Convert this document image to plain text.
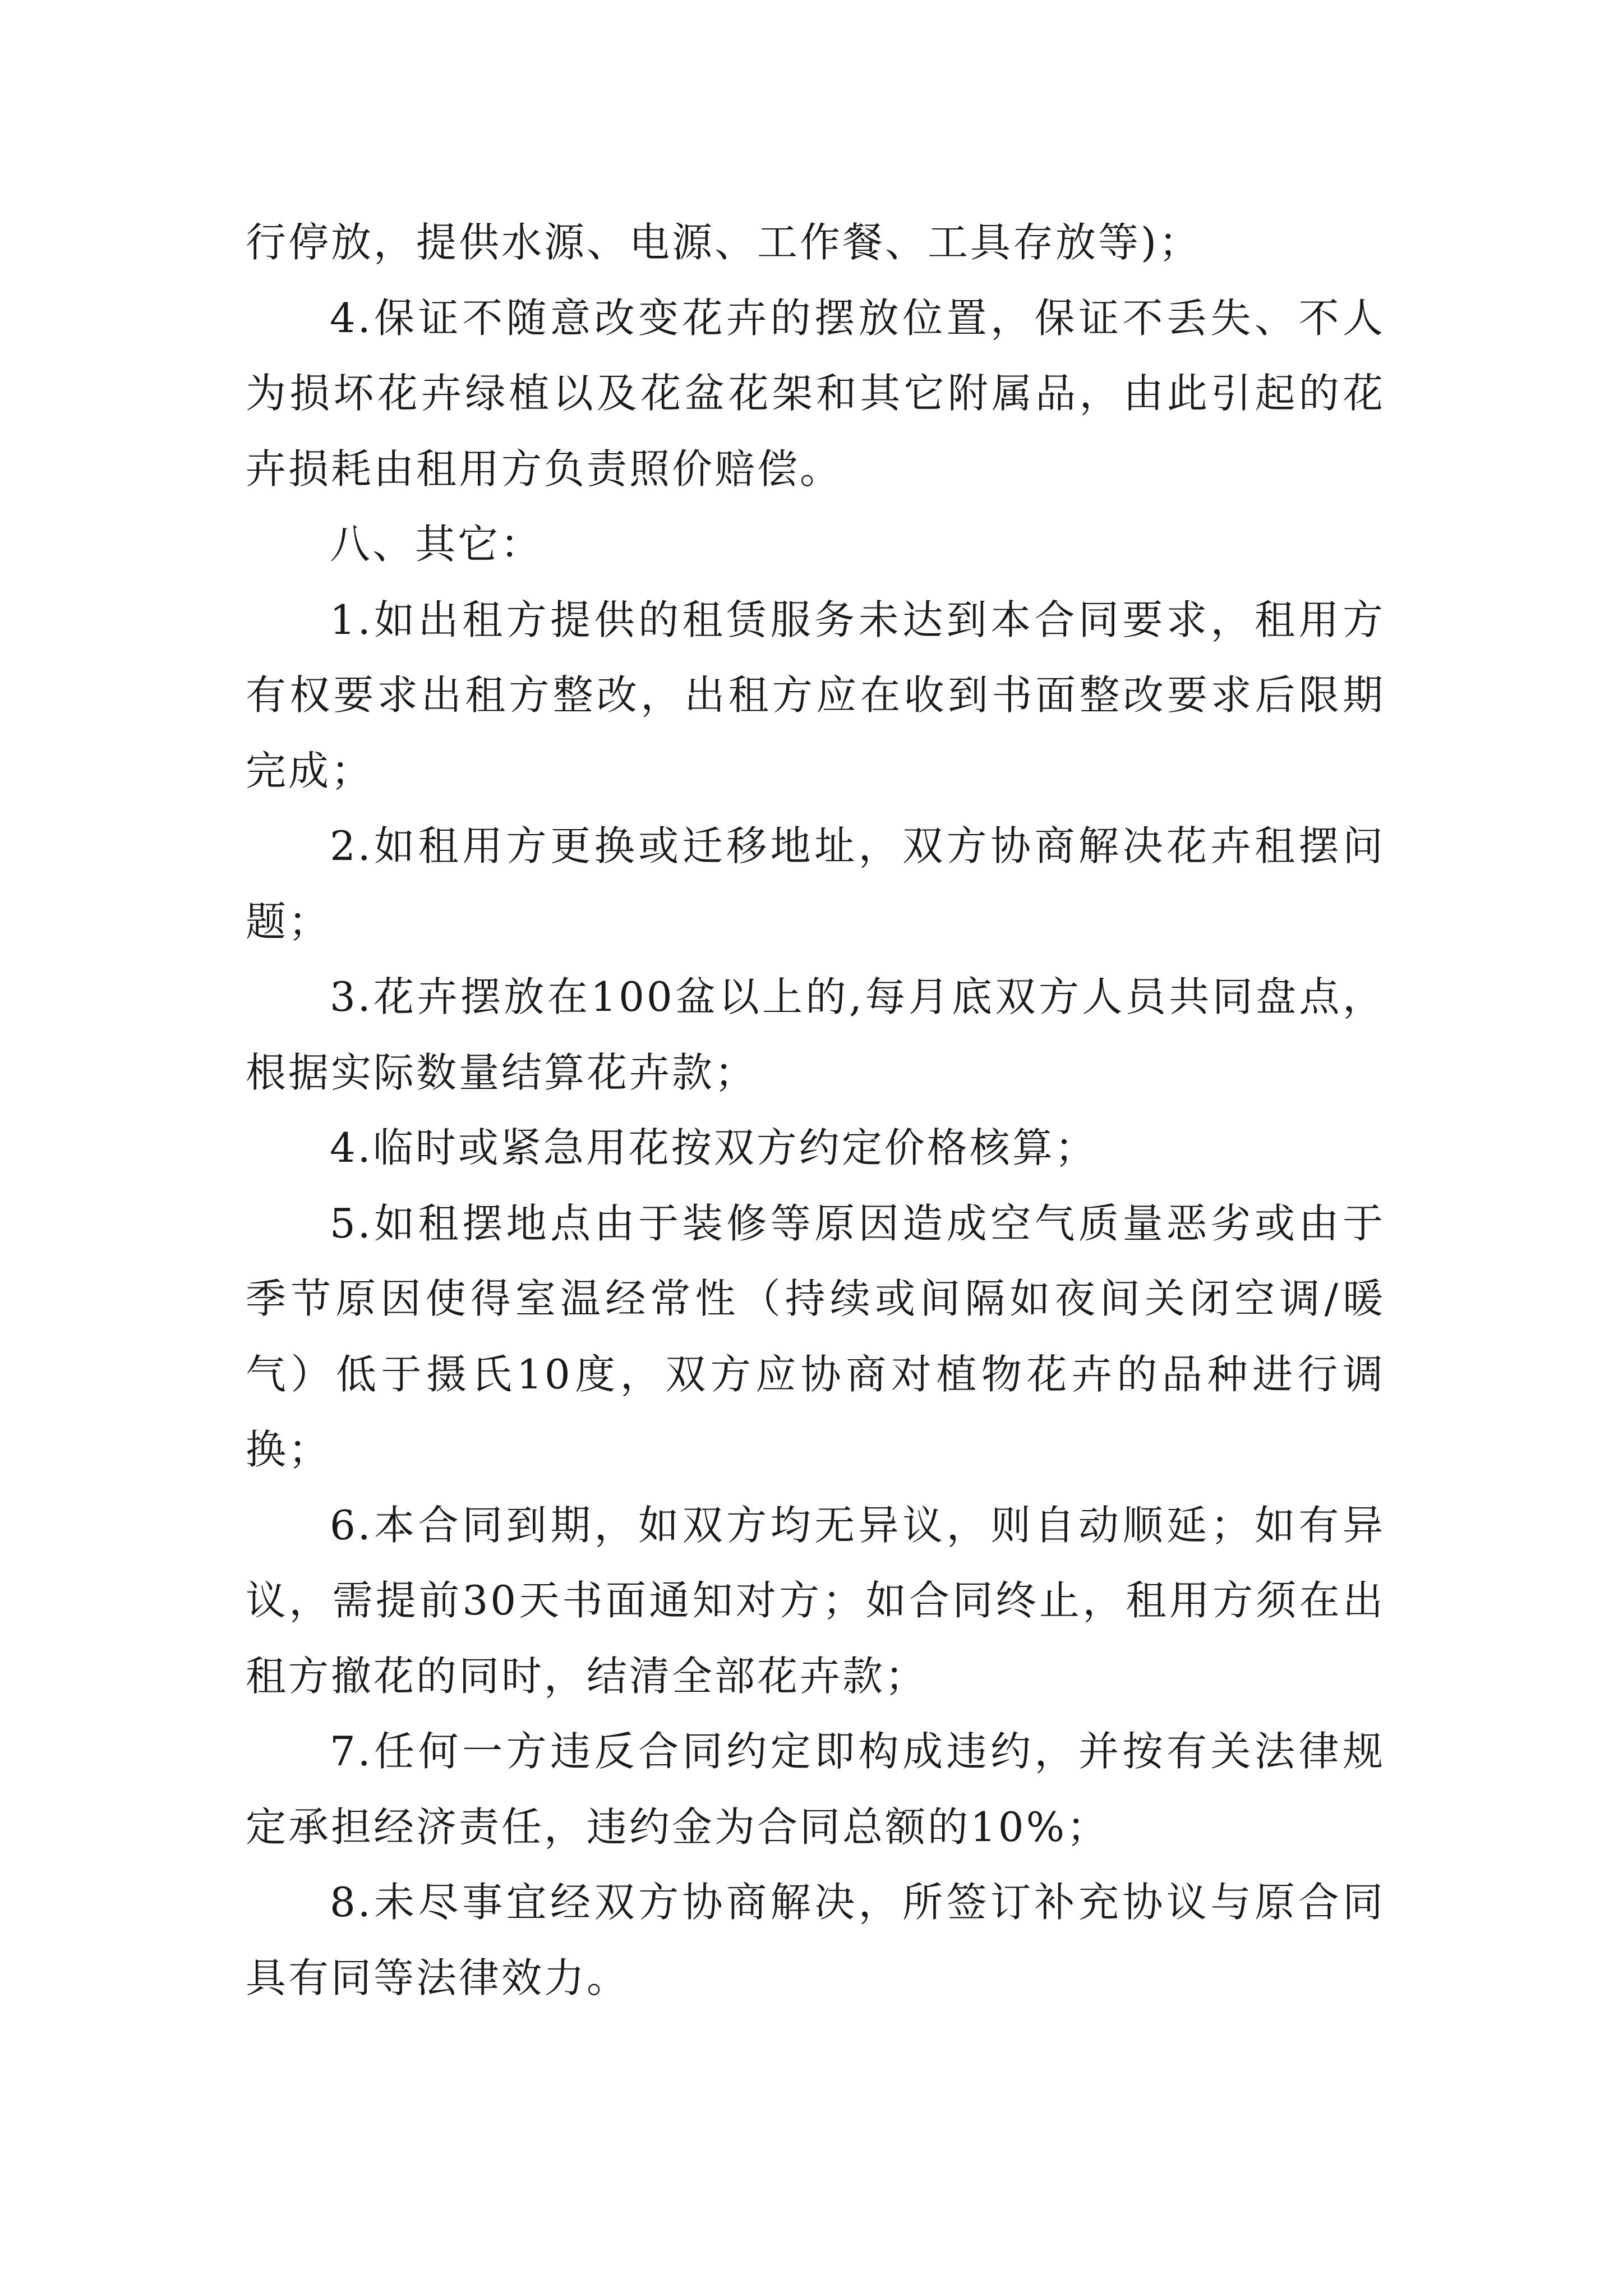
行停放，提供水源、电源、工作餐、工具存放等)；

4.保证不随意改变花卉的摆放位置，保证不丢失、不人为损坏花卉绿植以及花盆花架和其它附属品，由此引起的花卉损耗由租用方负责照价赔偿。

八、其它：

1.如出租方提供的租赁服务未达到本合同要求，租用方有权要求出租方整改，出租方应在收到书面整改要求后限期完成；

2.如租用方更换或迁移地址，双方协商解决花卉租摆问题；

3.花卉摆放在100盆以上的,每月底双方人员共同盘点，根据实际数量结算花卉款；

4.临时或紧急用花按双方约定价格核算；

5.如租摆地点由于装修等原因造成空气质量恶劣或由于季节原因使得室温经常性（持续或间隔如夜间关闭空调/暖气）低于摄氏10度，双方应协商对植物花卉的品种进行调换；

6.本合同到期，如双方均无异议，则自动顺延；如有异议，需提前30天书面通知对方；如合同终止，租用方须在出租方撤花的同时，结清全部花卉款；

7.任何一方违反合同约定即构成违约，并按有关法律规定承担经济责任，违约金为合同总额的10%；

8.未尽事宜经双方协商解决，所签订补充协议与原合同具有同等法律效力。
